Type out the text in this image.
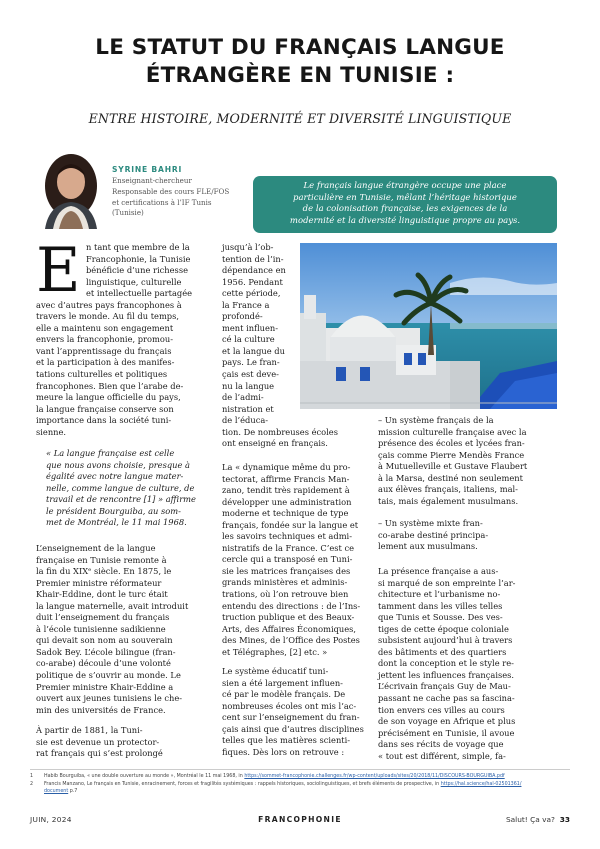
LE STATUT DU FRANÇAIS LANGUE
ÉTRANGÈRE EN TUNISIE :
ENTRE HISTOIRE, MODERNITÉ ET DIVERSITÉ LINGUISTIQUE
SYRINE BAHRI
Enseignant-chercheur
Responsable des cours FLE/FOS
et certifications à l’IF Tunis
(Tunisie)
Le français langue étrangère occupe une place
particulière en Tunisie, mêlant l’héritage historique
de la colonisation française, les exigences de la
modernité et la diversité linguistique propre au pays.
E n tant que membre de la
Francophonie, la Tunisie
bénéficie d’une richesse
linguistique, culturelle
et intellectuelle partagée
avec d’autres pays francophones à
travers le monde. Au fil du temps,
elle a maintenu son engagement
envers la francophonie, promou-
vant l’apprentissage du français
et la participation à des manifes-
tations culturelles et politiques
francophones. Bien que l’arabe de-
meure la langue officielle du pays,
la langue française conserve son
importance dans la société tuni-
sienne.
« La langue française est celle
que nous avons choisie, presque à
égalité avec notre langue mater-
nelle, comme langue de culture, de
travail et de rencontre [1] » affirme
le président Bourguiba, au som-
met de Montréal, le 11 mai 1968.
L’enseignement de la langue
française en Tunisie remonte à
la fin du XIXᵉ siècle. En 1875, le
Premier ministre réformateur
Khair-Eddine, dont le turc était
la langue maternelle, avait introduit
duit l’enseignement du français
à l’école tunisienne sadikienne
qui devait son nom au souverain
Sadok Bey. L’école bilingue (fran-
co-arabe) découle d’une volonté
politique de s’ouvrir au monde. Le
Premier ministre Khair-Eddine a
ouvert aux jeunes tunisiens le che-
min des universités de France.
À partir de 1881, la Tuni-
sie est devenue un protector-
rat français qui s’est prolongé
jusqu’à l’ob-
tention de l’in-
dépendance en
1956. Pendant
cette période,
la France a
profondé-
ment influen-
cé la culture
et la langue du
pays. Le fran-
çais est deve-
nu la langue
de l’admi-
nistration et
de l’éduca-
tion. De nombreuses écoles
ont enseigné en français.
La « dynamique même du pro-
tectorat, affirme Francis Man-
zano, tendit très rapidement à
développer une administration
moderne et technique de type
français, fondée sur la langue et
les savoirs techniques et admi-
nistratifs de la France. C’est ce
cercle qui a transposé en Tuni-
sie les matrices françaises des
grands ministères et adminis-
trations, où l’on retrouve bien
entendu des directions : de l’Ins-
truction publique et des Beaux-
Arts, des Affaires Économiques,
des Mines, de l’Office des Postes
et Télégraphes, [2] etc. »
Le système éducatif tuni-
sien a été largement influen-
cé par le modèle français. De
nombreuses écoles ont mis l’ac-
cent sur l’enseignement du fran-
çais ainsi que d’autres disciplines
telles que les matières scienti-
fiques. Dès lors on retrouve :
– Un système français de la
mission culturelle française avec la
présence des écoles et lycées fran-
çais comme Pierre Mendès France
à Mutuelleville et Gustave Flaubert
à la Marsa, destiné non seulement
aux élèves français, italiens, mal-
tais, mais également musulmans.
– Un système mixte fran-
co-arabe destiné principa-
lement aux musulmans.
La présence française a aus-
si marqué de son empreinte l’ar-
chitecture et l’urbanisme no-
tamment dans les villes telles
que Tunis et Sousse. Des ves-
tiges de cette époque coloniale
subsistent aujourd’hui à travers
des bâtiments et des quartiers
dont la conception et le style re-
jettent les influences françaises.
L’écrivain français Guy de Mau-
passant ne cache pas sa fascina-
tion envers ces villes au cours
de son voyage en Afrique et plus
précisément en Tunisie, il avoue
dans ses récits de voyage que
« tout est différent, simple, fa-
1	Habib Bourguiba, « une double ouverture au monde », Montréal le 11 mai 1968, in https://sommet-francophonie.challenges.fr/wp-content/uploads/sites/20/2018/11/DISCOURS-BOURGUIBA.pdf
2	Francis Manzano, Le français en Tunisie, enracinement, forces et fragilités systémiques : rappels historiques, sociolinguistiques, et brefs éléments de prospective, in https://hal.science/hal-02501361/
document p.7
JUIN, 2024	FRANCOPHONIE	Salut! Ça va? 33
